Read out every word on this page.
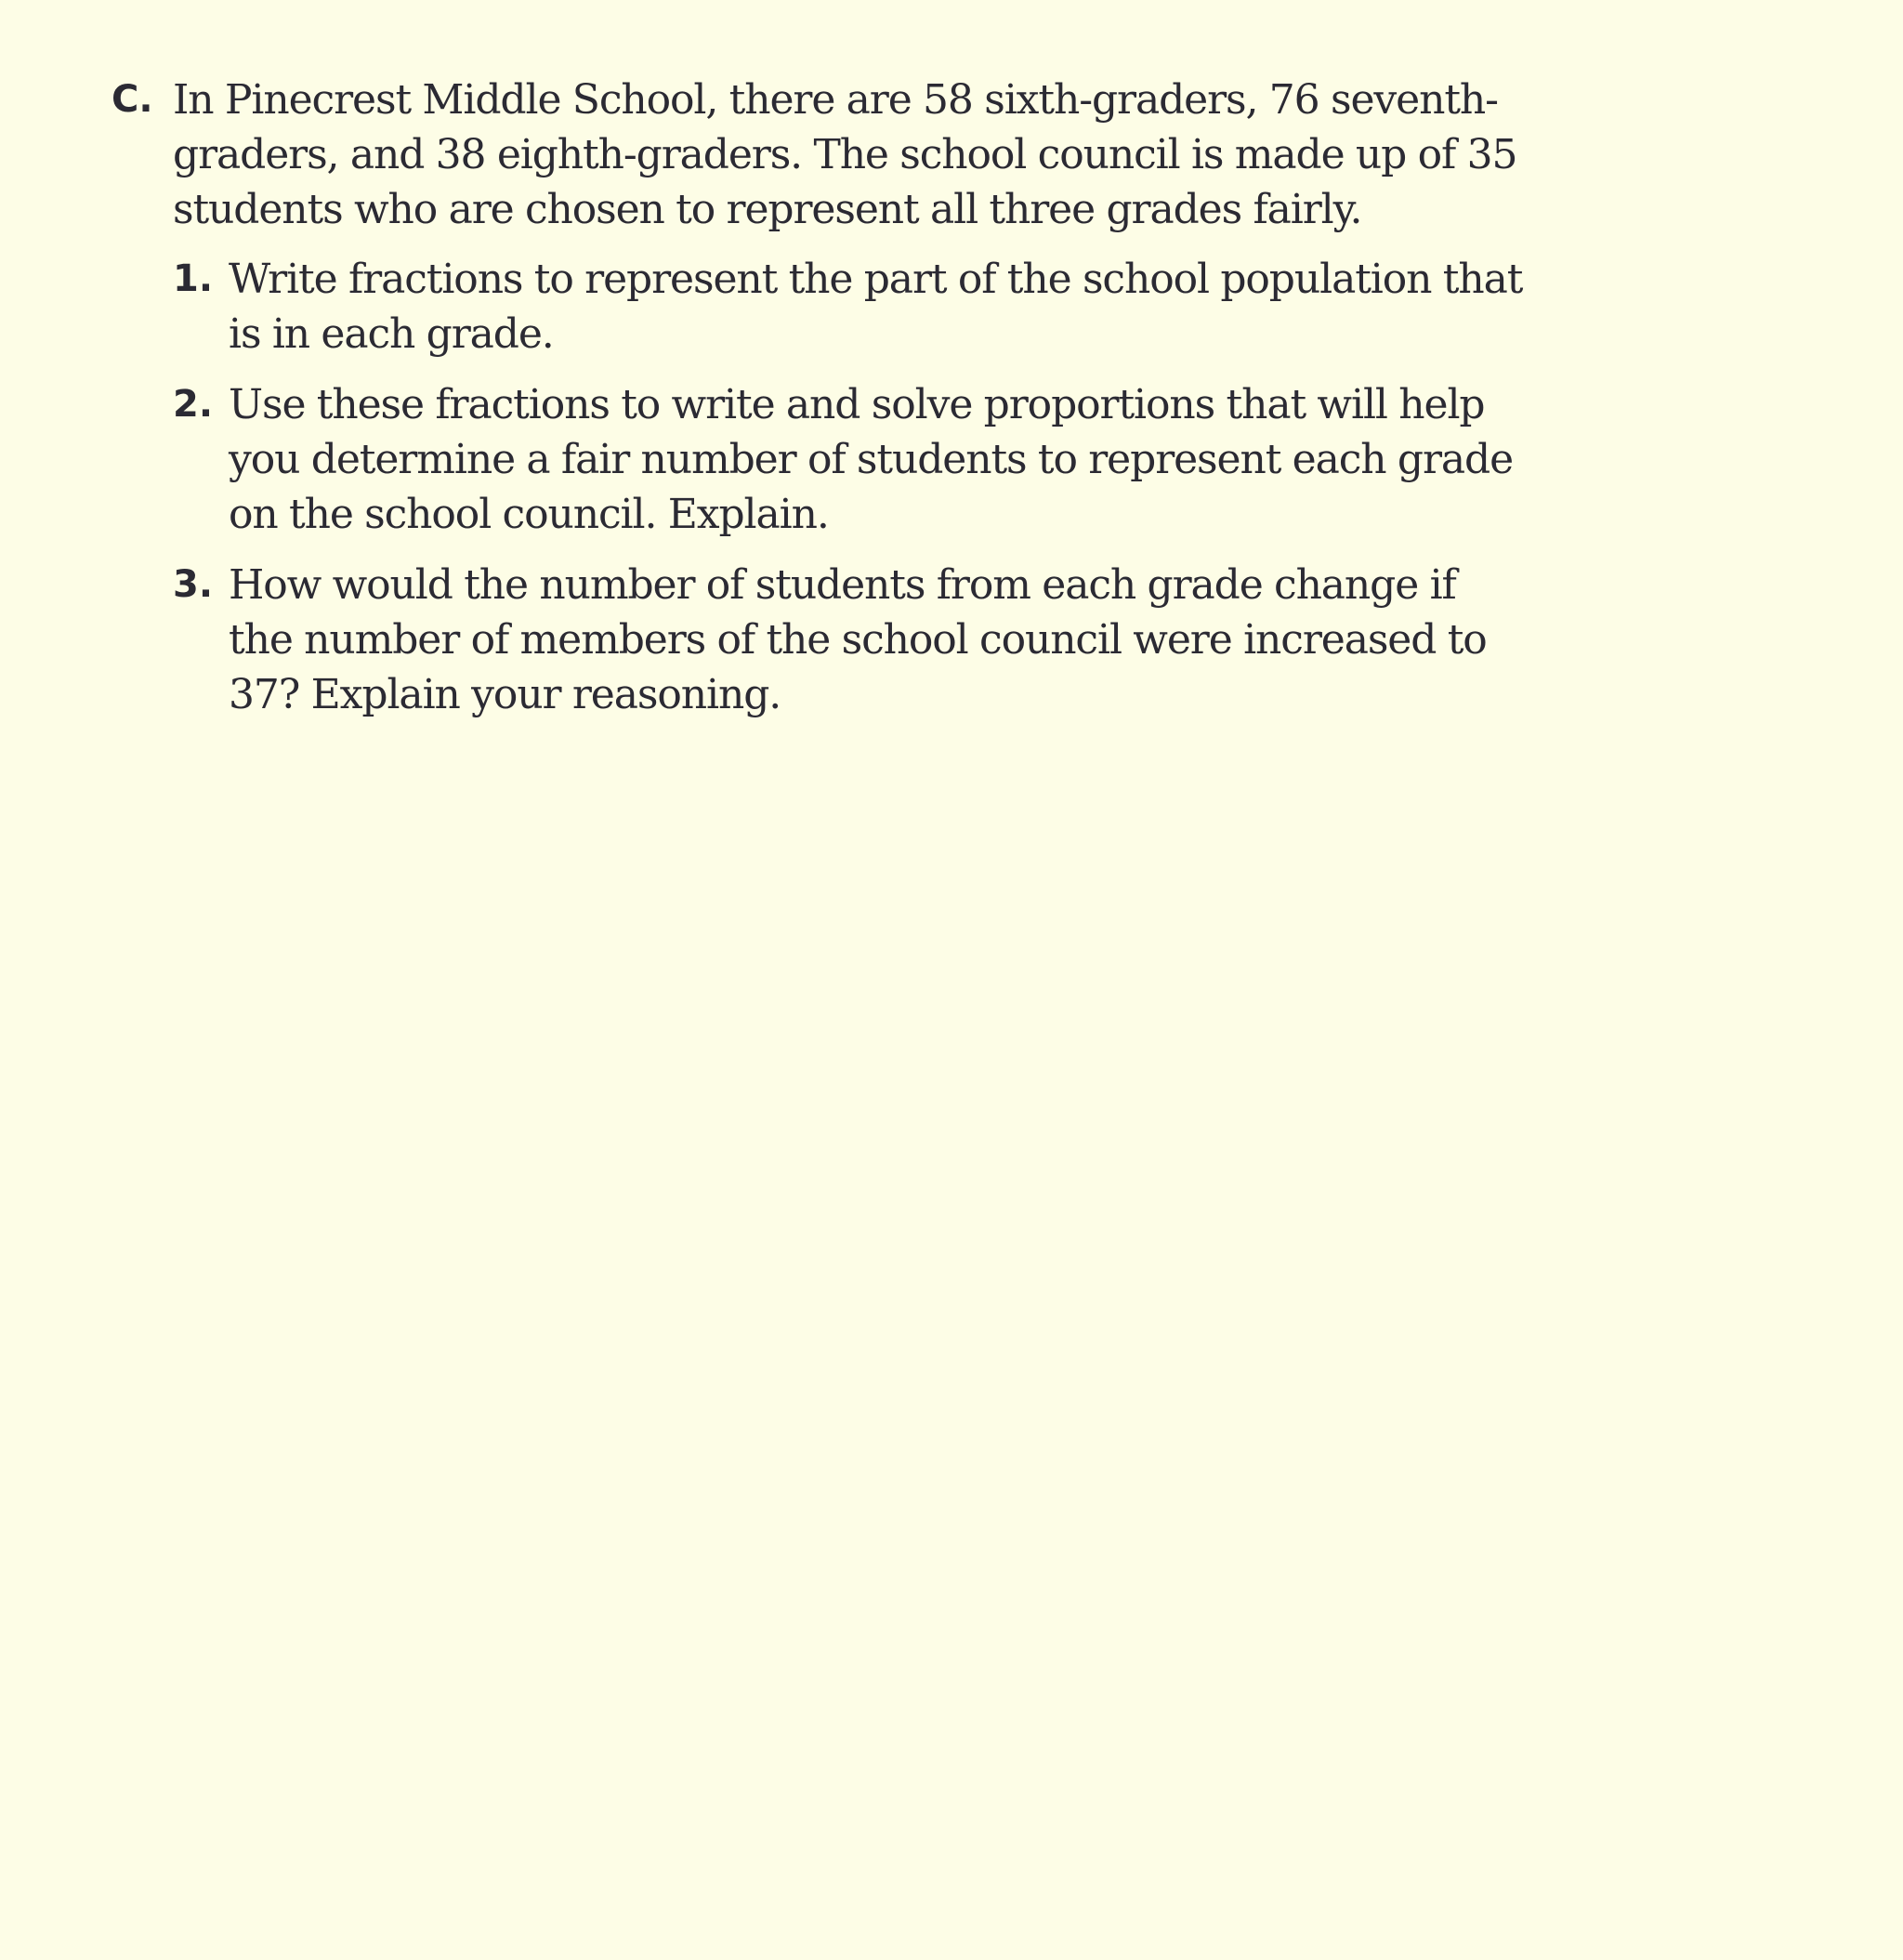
C. In Pinecrest Middle School, there are 58 sixth-graders, 76 seventh-graders, and 38 eighth-graders. The school council is made up of 35 students who are chosen to represent all three grades fairly.
1. Write fractions to represent the part of the school population that is in each grade.
2. Use these fractions to write and solve proportions that will help you determine a fair number of students to represent each grade on the school council. Explain.
3. How would the number of students from each grade change if the number of members of the school council were increased to 37? Explain your reasoning.
